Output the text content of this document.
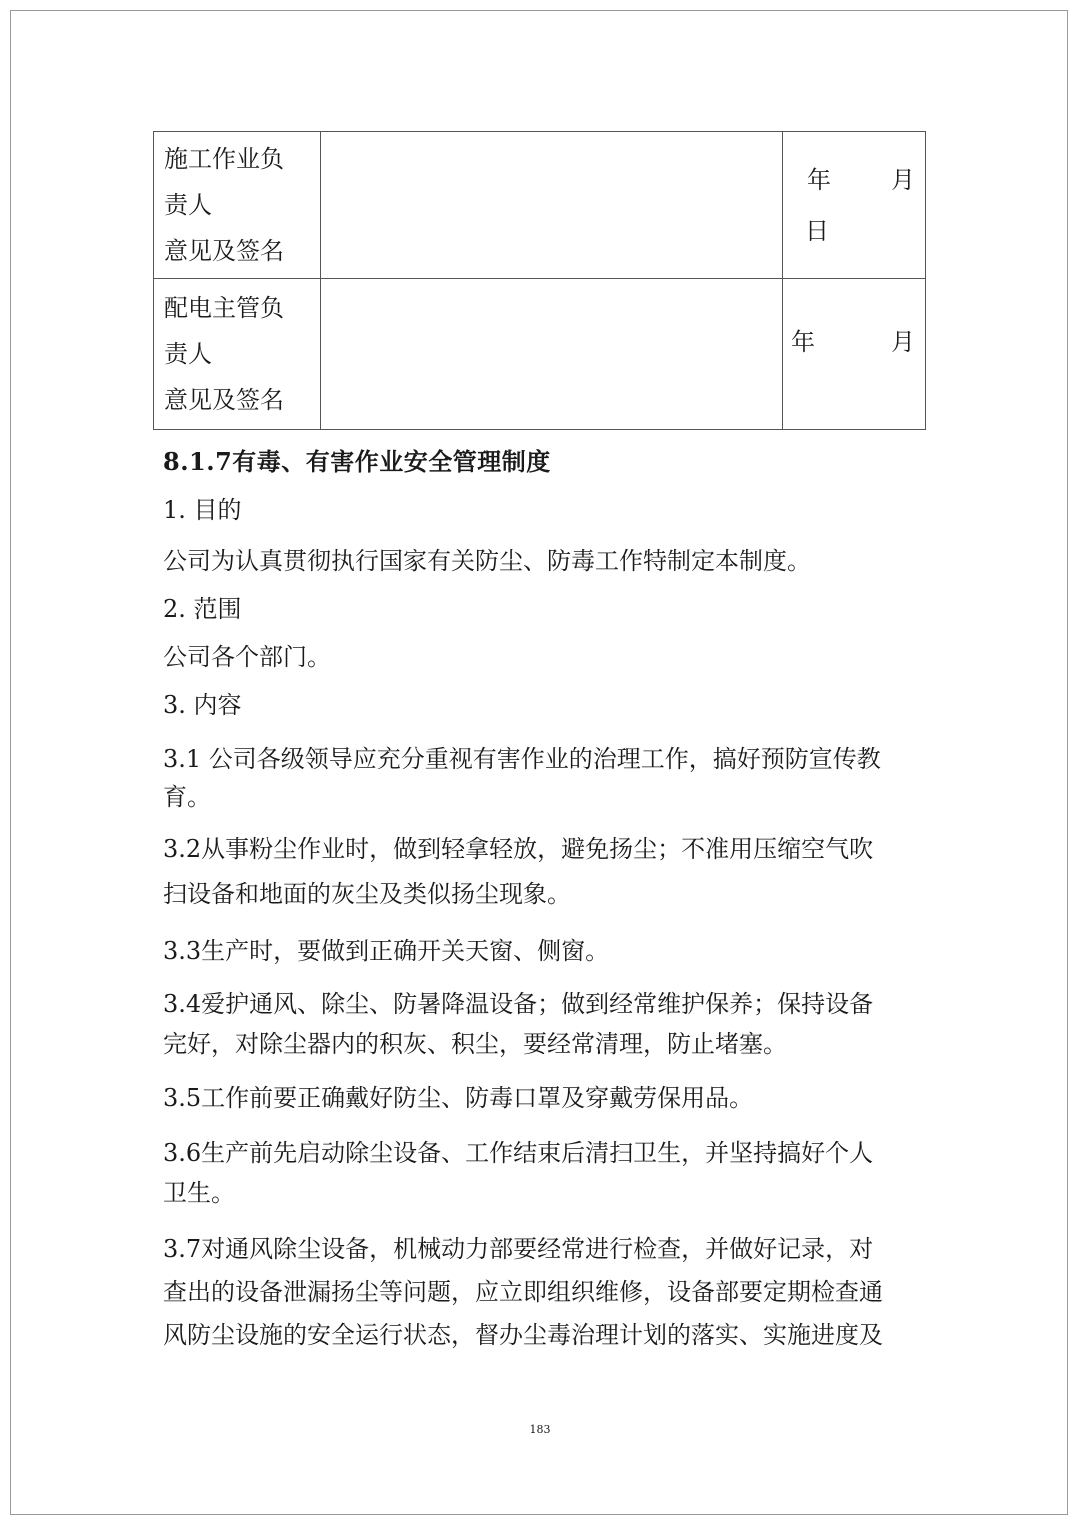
施工作业负
责人
意见及签名		年 月
日

配电主管负
责人
意见及签名		年 月

8.1.7有毒、有害作业安全管理制度

1. 目的

公司为认真贯彻执行国家有关防尘、防毒工作特制定本制度。

2. 范围

公司各个部门。

3. 内容

3.1 公司各级领导应充分重视有害作业的治理工作，搞好预防宣传教

育。

3.2从事粉尘作业时，做到轻拿轻放，避免扬尘；不准用压缩空气吹

扫设备和地面的灰尘及类似扬尘现象。

3.3生产时，要做到正确开关天窗、侧窗。

3.4爱护通风、除尘、防暑降温设备；做到经常维护保养；保持设备

完好，对除尘器内的积灰、积尘，要经常清理，防止堵塞。

3.5工作前要正确戴好防尘、防毒口罩及穿戴劳保用品。

3.6生产前先启动除尘设备、工作结束后清扫卫生，并坚持搞好个人

卫生。

3.7对通风除尘设备，机械动力部要经常进行检查，并做好记录，对

查出的设备泄漏扬尘等问题，应立即组织维修，设备部要定期检查通

风防尘设施的安全运行状态，督办尘毒治理计划的落实、实施进度及

183
